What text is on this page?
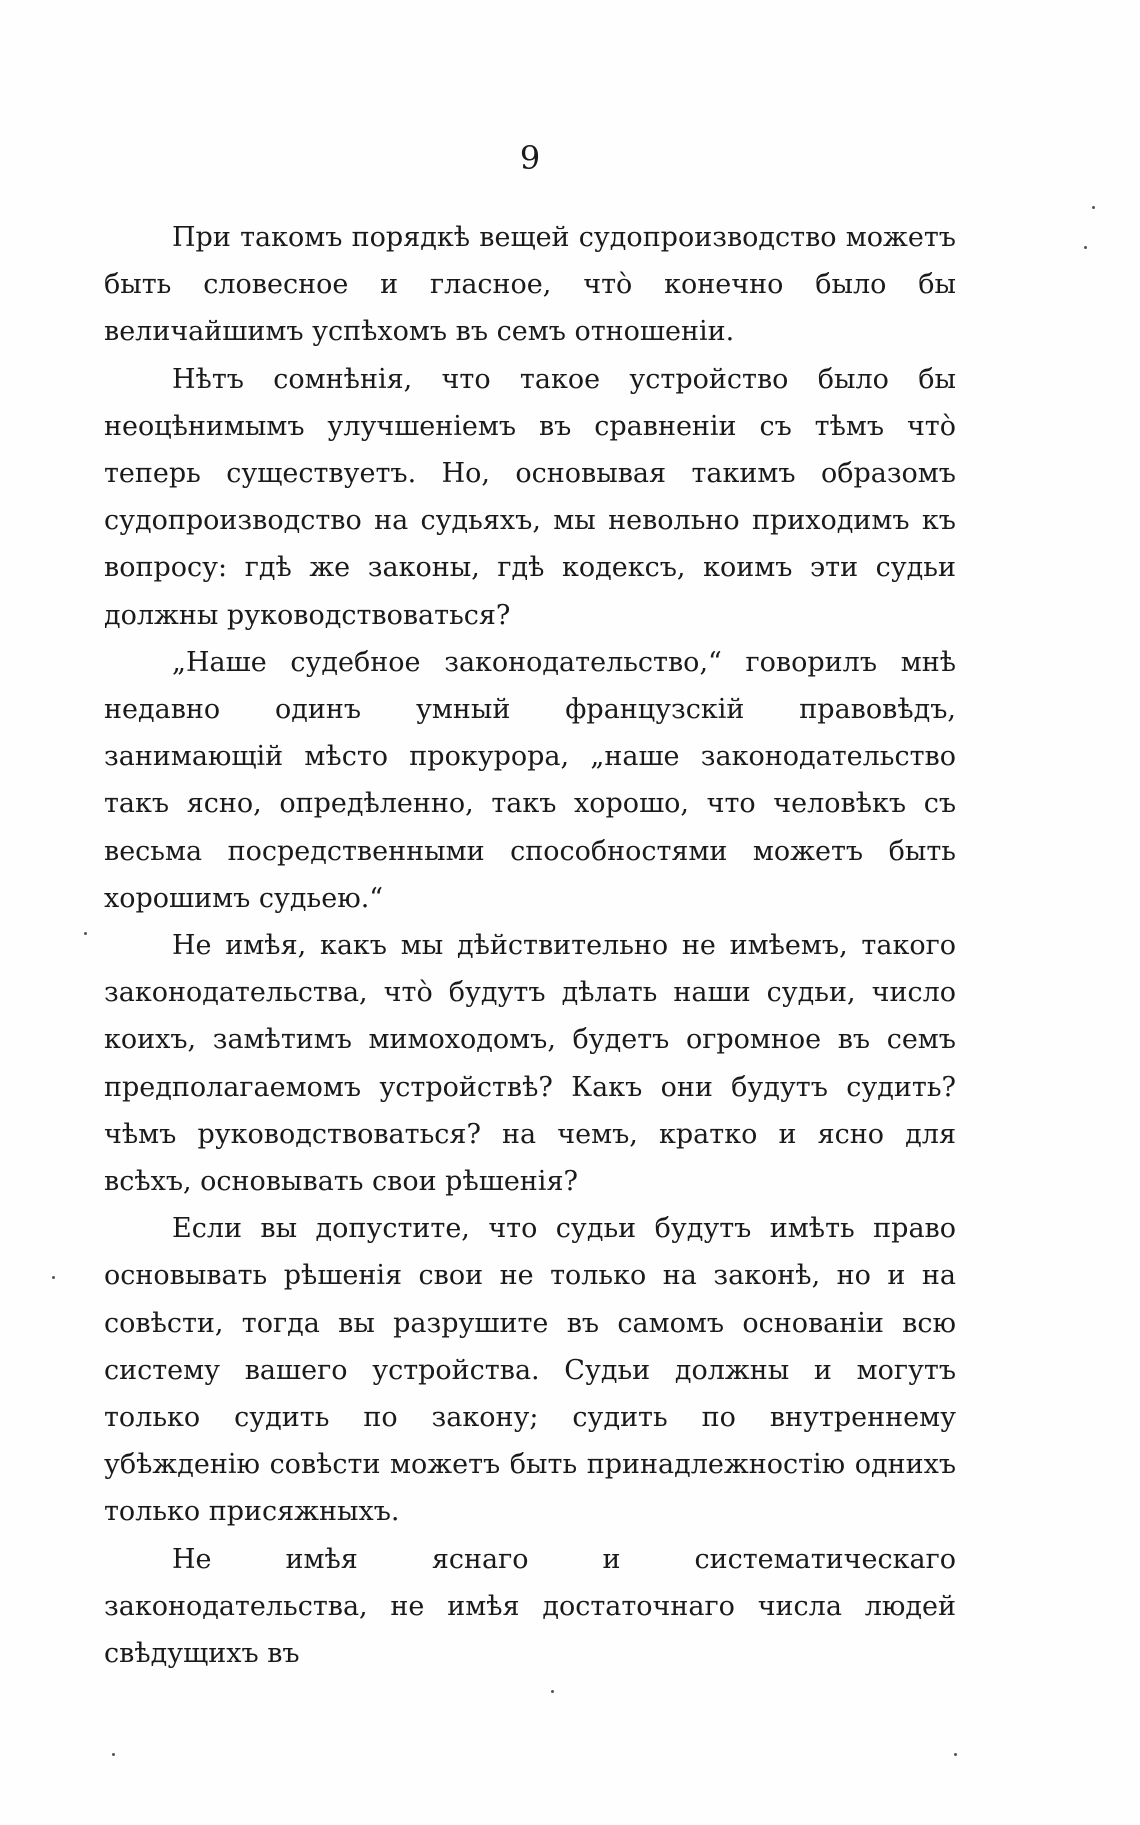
9

При такомъ порядкѣ вещей судопроизводство можетъ быть словесное и гласное, что̀ конечно было бы величайшимъ успѣхомъ въ семъ отношеніи.

Нѣтъ сомнѣнія, что такое устройство было бы неоцѣнимымъ улучшеніемъ въ сравненіи съ тѣмъ что̀ теперь существуетъ. Но, основывая такимъ образомъ судопроизводство на судьяхъ, мы невольно приходимъ къ вопросу: гдѣ же законы, гдѣ кодексъ, коимъ эти судьи должны руководствоваться?

„Наше судебное законодательство,“ говорилъ мнѣ недавно одинъ умный французскій правовѣдъ, занимающій мѣсто прокурора, „наше законодательство такъ ясно, опредѣленно, такъ хорошо, что человѣкъ съ весьма посредственными способностями можетъ быть хорошимъ судьею.“

Не имѣя, какъ мы дѣйствительно не имѣемъ, такого законодательства, что̀ будутъ дѣлать наши судьи, число коихъ, замѣтимъ мимоходомъ, будетъ огромное въ семъ предполагаемомъ устройствѣ? Какъ они будутъ судить? чѣмъ руководствоваться? на чемъ, кратко и ясно для всѣхъ, основывать свои рѣшенія?

Если вы допустите, что судьи будутъ имѣть право основывать рѣшенія свои не только на законѣ, но и на совѣсти, тогда вы разрушите въ самомъ основаніи всю систему вашего устройства. Судьи должны и могутъ только судить по закону; судить по внутреннему убѣжденію совѣсти можетъ быть принадлежностію однихъ только присяжныхъ.

Не имѣя яснаго и систематическаго законодательства, не имѣя достаточнаго числа людей свѣдущихъ въ
